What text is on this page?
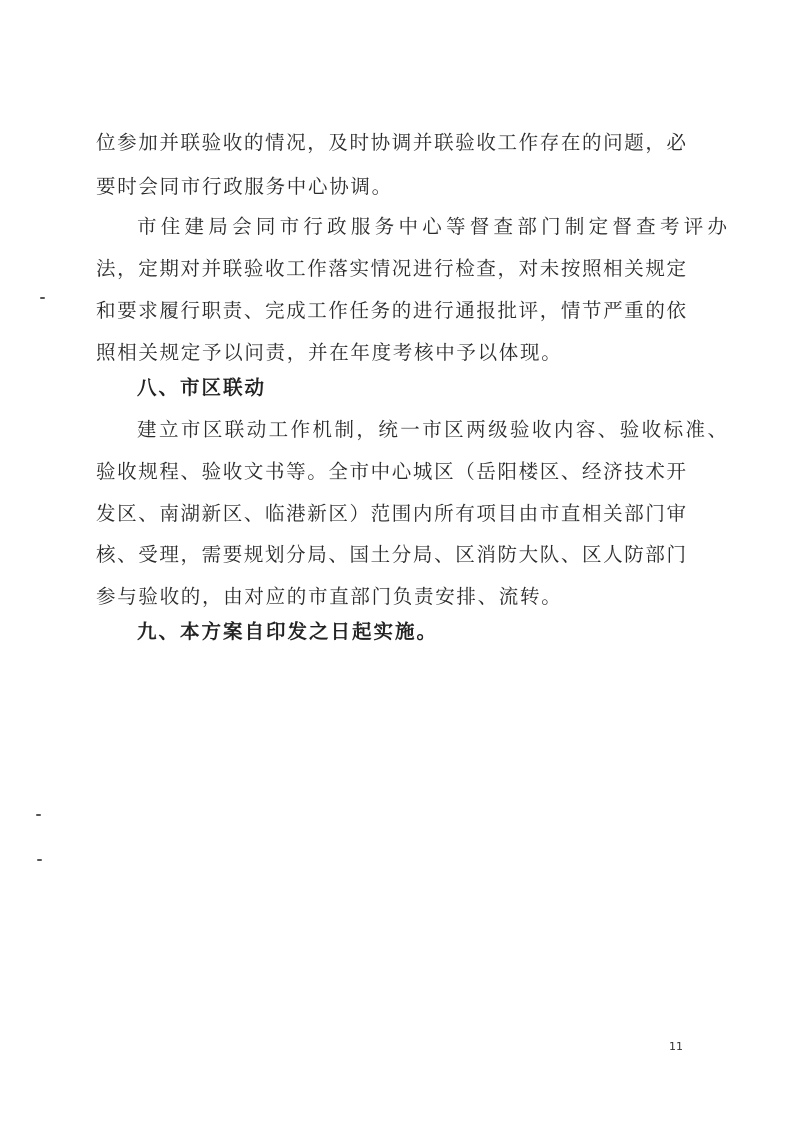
位参加并联验收的情况，及时协调并联验收工作存在的问题，必
要时会同市行政服务中心协调。
市住建局会同市行政服务中心等督查部门制定督查考评办
法，定期对并联验收工作落实情况进行检查，对未按照相关规定
和要求履行职责、完成工作任务的进行通报批评，情节严重的依
照相关规定予以问责，并在年度考核中予以体现。
八、市区联动
建立市区联动工作机制，统一市区两级验收内容、验收标准、
验收规程、验收文书等。全市中心城区（岳阳楼区、经济技术开
发区、南湖新区、临港新区）范围内所有项目由市直相关部门审
核、受理，需要规划分局、国土分局、区消防大队、区人防部门
参与验收的，由对应的市直部门负责安排、流转。
九、本方案自印发之日起实施。
11
